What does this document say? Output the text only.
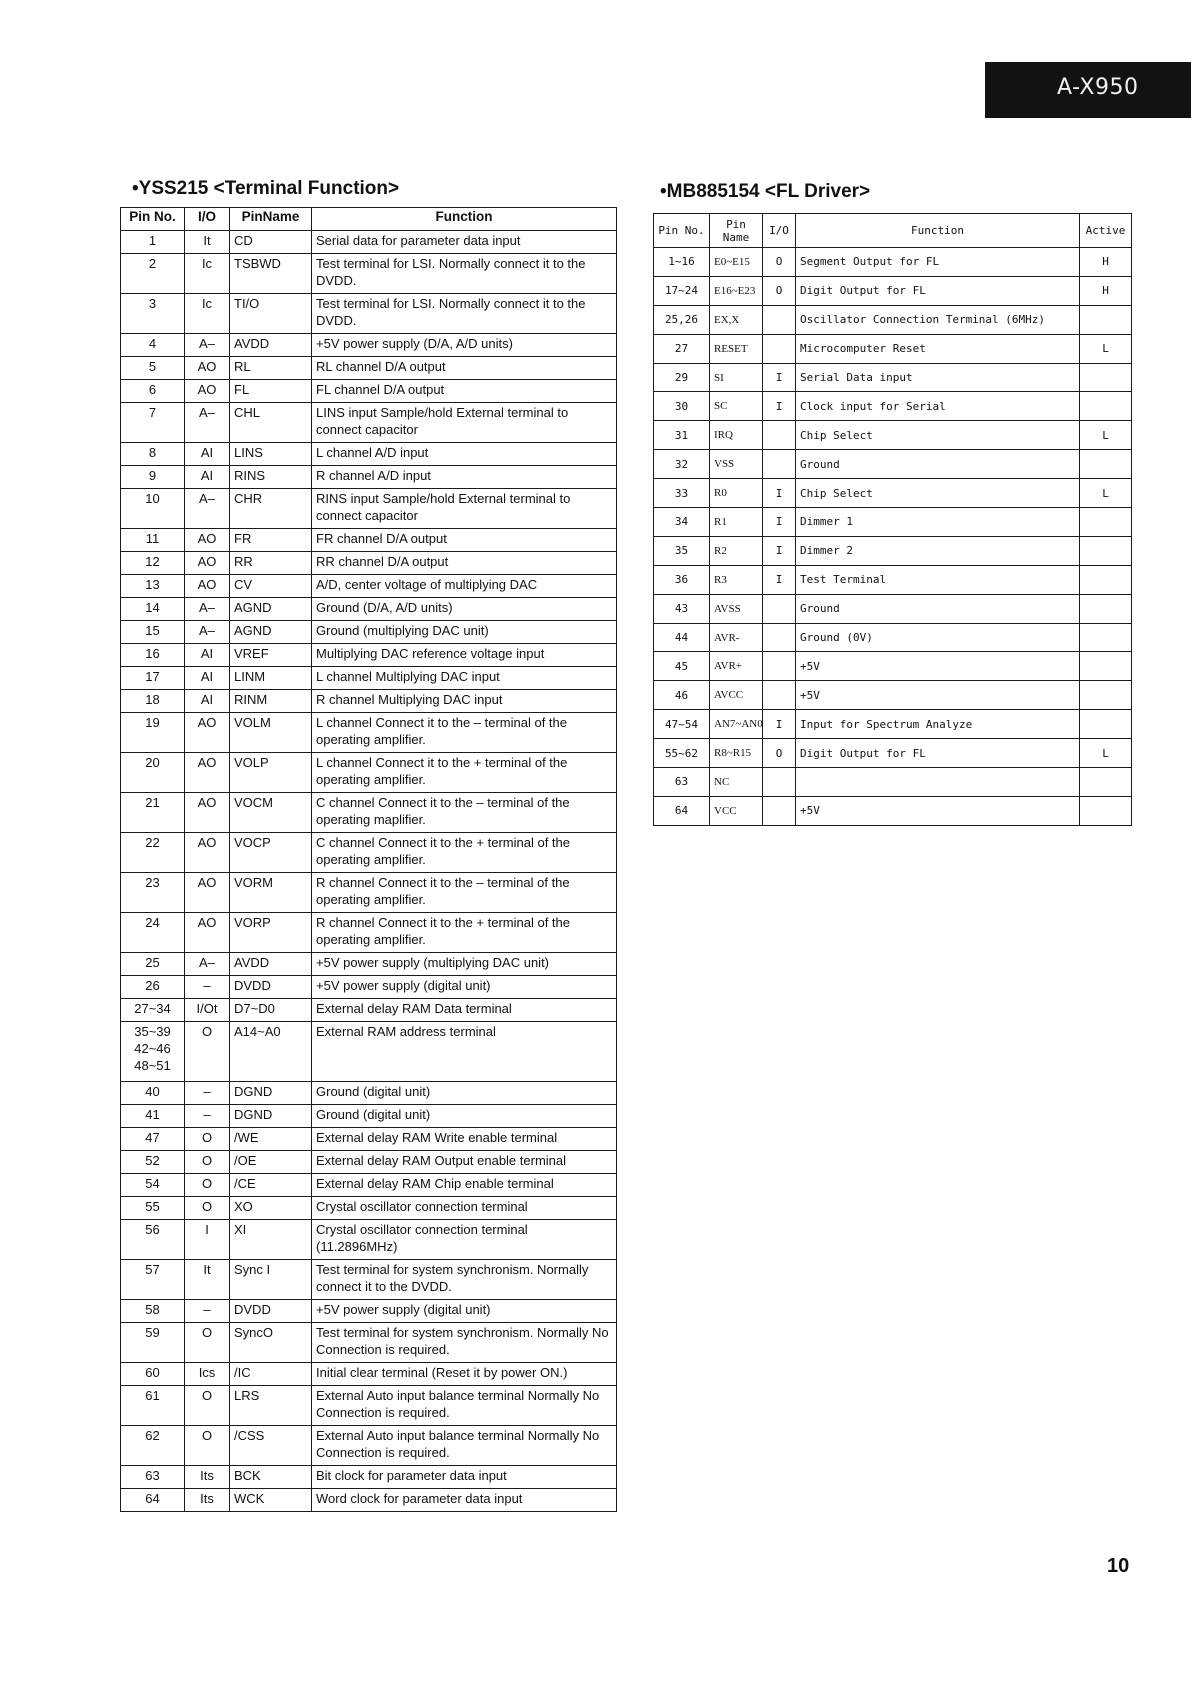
A-X950
•YSS215 <Terminal Function>	•MB885154 <FL Driver>
Pin No.	I/O	PinName	Function
1	It	CD	Serial data for parameter data input
2	Ic	TSBWD	Test terminal for LSI. Normally connect it to the DVDD.
3	Ic	TI/O	Test terminal for LSI. Normally connect it to the DVDD.
4	A–	AVDD	+5V power supply (D/A, A/D units)
5	AO	RL	RL channel D/A output
6	AO	FL	FL channel D/A output
7	A–	CHL	LINS input Sample/hold External terminal to connect capacitor
8	AI	LINS	L channel A/D input
9	AI	RINS	R channel A/D input
10	A–	CHR	RINS input Sample/hold External terminal to connect capacitor
11	AO	FR	FR channel D/A output
12	AO	RR	RR channel D/A output
13	AO	CV	A/D, center voltage of multiplying DAC
14	A–	AGND	Ground (D/A, A/D units)
15	A–	AGND	Ground (multiplying DAC unit)
16	AI	VREF	Multiplying DAC reference voltage input
17	AI	LINM	L channel Multiplying DAC input
18	AI	RINM	R channel Multiplying DAC input
19	AO	VOLM	L channel Connect it to the – terminal of the operating amplifier.
20	AO	VOLP	L channel Connect it to the + terminal of the operating amplifier.
21	AO	VOCM	C channel Connect it to the – terminal of the operating maplifier.
22	AO	VOCP	C channel Connect it to the + terminal of the operating amplifier.
23	AO	VORM	R channel Connect it to the – terminal of the operating amplifier.
24	AO	VORP	R channel Connect it to the + terminal of the operating amplifier.
25	A–	AVDD	+5V power supply (multiplying DAC unit)
26	–	DVDD	+5V power supply (digital unit)
27~34	I/Ot	D7~D0	External delay RAM Data terminal
35~39
42~46
48~51	O	A14~A0	External RAM address terminal
40	–	DGND	Ground (digital unit)
41	–	DGND	Ground (digital unit)
47	O	/WE	External delay RAM Write enable terminal
52	O	/OE	External delay RAM Output enable terminal
54	O	/CE	External delay RAM Chip enable terminal
55	O	XO	Crystal oscillator connection terminal
56	I	XI	Crystal oscillator connection terminal (11.2896MHz)
57	It	Sync I	Test terminal for system synchronism. Normally connect it to the DVDD.
58	–	DVDD	+5V power supply (digital unit)
59	O	SyncO	Test terminal for system synchronism. Normally No Connection is required.
60	Ics	/IC	Initial clear terminal (Reset it by power ON.)
61	O	LRS	External Auto input balance terminal Normally No Connection is required.
62	O	/CSS	External Auto input balance terminal Normally No Connection is required.
63	Its	BCK	Bit clock for parameter data input
64	Its	WCK	Word clock for parameter data input
Pin No.	Pin Name	I/O	Function	Active
1~16	E0~E15	O	Segment Output for FL	H
17~24	E16~E23	O	Digit Output for FL	H
25,26	EX,X		Oscillator Connection Terminal (6MHz)	
27	RESET		Microcomputer Reset	L
29	SI	I	Serial Data input	
30	SC	I	Clock input for Serial	
31	IRQ		Chip Select	L
32	VSS		Ground	
33	R0	I	Chip Select	L
34	R1	I	Dimmer 1	
35	R2	I	Dimmer 2	
36	R3	I	Test Terminal	
43	AVSS		Ground	
44	AVR-		Ground (0V)	
45	AVR+		+5V	
46	AVCC		+5V	
47~54	AN7~AN0	I	Input for Spectrum Analyze	
55~62	R8~R15	O	Digit Output for FL	L
63	NC			
64	VCC		+5V	
10
